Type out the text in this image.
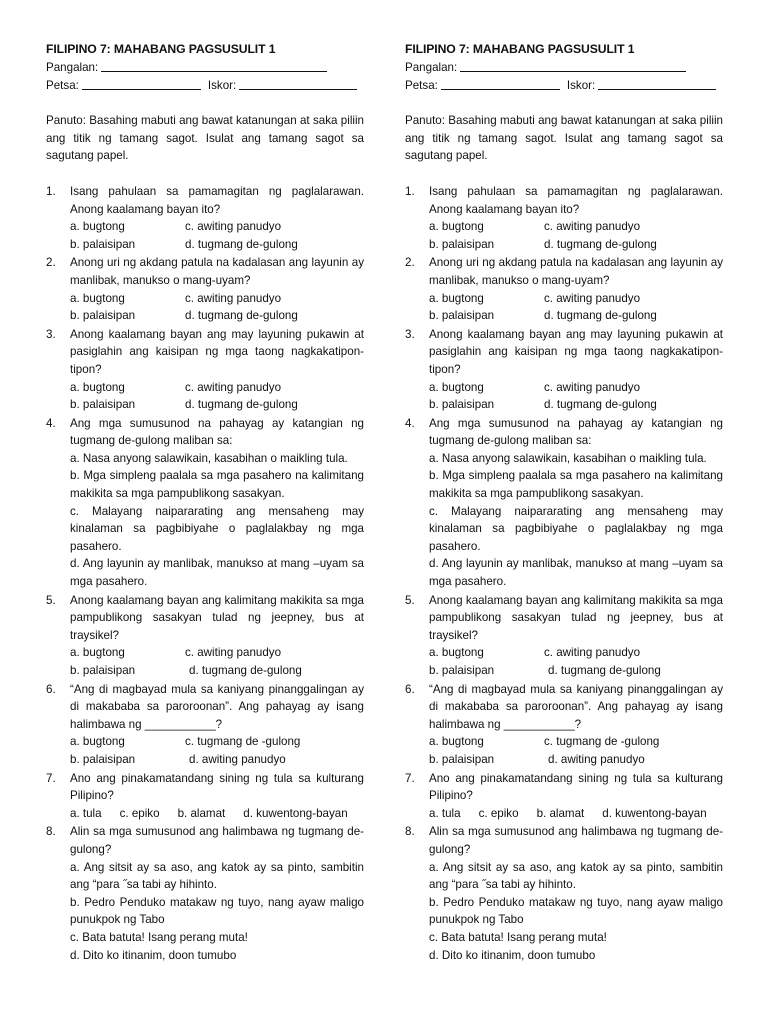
FILIPINO 7: MAHABANG PAGSUSULIT 1
Pangalan:
Petsa:	Iskor:
Panuto: Basahing mabuti ang bawat katanungan at saka piliin ang titik ng tamang sagot. Isulat ang tamang sagot sa sagutang papel.
1.	Isang pahulaan sa pamamagitan ng paglalarawan. Anong kaalamang bayan ito?
a. bugtong	c. awiting panudyo
b. palaisipan	d. tugmang de-gulong
2.	Anong uri ng akdang patula na kadalasan ang layunin ay manlibak, manukso o mang-uyam?
a. bugtong	c. awiting panudyo
b. palaisipan	d. tugmang de-gulong
3.	Anong kaalamang bayan ang may layuning pukawin at pasiglahin ang kaisipan ng mga taong nagkakatipon-tipon?
a. bugtong	c. awiting panudyo
b. palaisipan	d. tugmang de-gulong
4.	Ang mga sumusunod na pahayag ay katangian ng tugmang de-gulong maliban sa:
a. Nasa anyong salawikain, kasabihan o maikling tula.
b. Mga simpleng paalala sa mga pasahero na kalimitang makikita sa mga pampublikong sasakyan.
c. Malayang naipararating ang mensaheng may kinalaman sa pagbibiyahe o paglalakbay ng mga pasahero.
d. Ang layunin ay manlibak, manukso at mang –uyam sa mga pasahero.
5.	Anong kaalamang bayan ang kalimitang makikita sa mga pampublikong sasakyan tulad ng jeepney, bus at traysikel?
a. bugtong	c. awiting panudyo
b. palaisipan	d. tugmang de-gulong
6.	“Ang di magbayad mula sa kaniyang pinanggalingan ay di makababa sa paroroonan”. Ang pahayag ay isang halimbawa ng ___________?
a. bugtong	c. tugmang de -gulong
b. palaisipan	d. awiting panudyo
7.	Ano ang pinakamatandang sining ng tula sa kulturang Pilipino?
a. tula c. epiko b. alamat d. kuwentong-bayan
8.	Alin sa mga sumusunod ang halimbawa ng tugmang de-gulong?
a. Ang sitsit ay sa aso, ang katok ay sa pinto, sambitin ang “para ˝sa tabi ay hihinto.
b. Pedro Penduko matakaw ng tuyo, nang ayaw maligo punukpok ng Tabo
c. Bata batuta! Isang perang muta!
d. Dito ko itinanim, doon tumubo
FILIPINO 7: MAHABANG PAGSUSULIT 1
Pangalan:
Petsa:	Iskor:
Panuto: Basahing mabuti ang bawat katanungan at saka piliin ang titik ng tamang sagot. Isulat ang tamang sagot sa sagutang papel.
1.	Isang pahulaan sa pamamagitan ng paglalarawan. Anong kaalamang bayan ito?
a. bugtong	c. awiting panudyo
b. palaisipan	d. tugmang de-gulong
2.	Anong uri ng akdang patula na kadalasan ang layunin ay manlibak, manukso o mang-uyam?
a. bugtong	c. awiting panudyo
b. palaisipan	d. tugmang de-gulong
3.	Anong kaalamang bayan ang may layuning pukawin at pasiglahin ang kaisipan ng mga taong nagkakatipon-tipon?
a. bugtong	c. awiting panudyo
b. palaisipan	d. tugmang de-gulong
4.	Ang mga sumusunod na pahayag ay katangian ng tugmang de-gulong maliban sa:
a. Nasa anyong salawikain, kasabihan o maikling tula.
b. Mga simpleng paalala sa mga pasahero na kalimitang makikita sa mga pampublikong sasakyan.
c. Malayang naipararating ang mensaheng may kinalaman sa pagbibiyahe o paglalakbay ng mga pasahero.
d. Ang layunin ay manlibak, manukso at mang –uyam sa mga pasahero.
5.	Anong kaalamang bayan ang kalimitang makikita sa mga pampublikong sasakyan tulad ng jeepney, bus at traysikel?
a. bugtong	c. awiting panudyo
b. palaisipan	d. tugmang de-gulong
6.	“Ang di magbayad mula sa kaniyang pinanggalingan ay di makababa sa paroroonan”. Ang pahayag ay isang halimbawa ng ___________?
a. bugtong	c. tugmang de -gulong
b. palaisipan	d. awiting panudyo
7.	Ano ang pinakamatandang sining ng tula sa kulturang Pilipino?
a. tula c. epiko b. alamat d. kuwentong-bayan
8.	Alin sa mga sumusunod ang halimbawa ng tugmang de-gulong?
a. Ang sitsit ay sa aso, ang katok ay sa pinto, sambitin ang “para ˝sa tabi ay hihinto.
b. Pedro Penduko matakaw ng tuyo, nang ayaw maligo punukpok ng Tabo
c. Bata batuta! Isang perang muta!
d. Dito ko itinanim, doon tumubo
